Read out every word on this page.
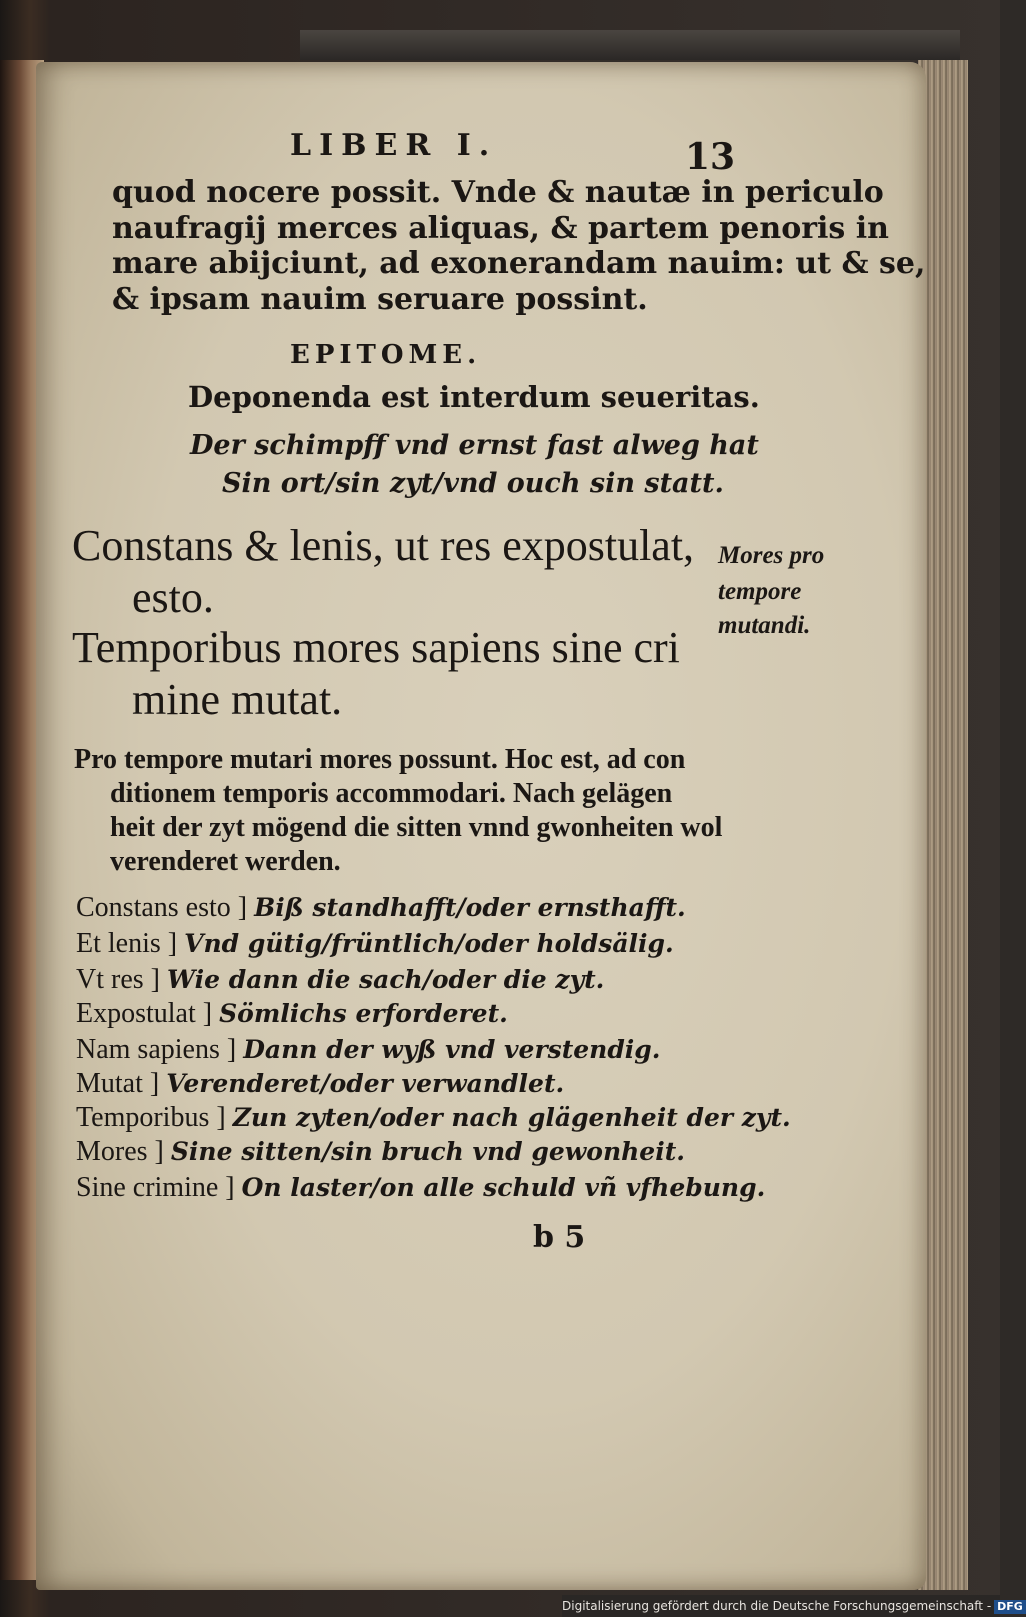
LIBER I.	13
quod nocere possit. Vnde & nautæ in periculo
naufragij merces aliquas, & partem penoris in
mare abijciunt, ad exonerandam nauim: ut & se,
& ipsam nauim seruare possint.
EPITOME.
Deponenda est interdum seueritas.
Der schimpff vnd ernst fast alweg hat
Sin ort/sin zyt/vnd ouch sin statt.
Constans & lenis, ut res expostulat,
esto.
Temporibus mores sapiens sine cri
mine mutat.
Mores pro
tempore
mutandi.
Pro tempore mutari mores possunt. Hoc est, ad con
ditionem temporis accommodari. Nach gelägen
heit der zyt mögend die sitten vnnd gwonheiten wol
verenderet werden.
Constans esto ] Biß standhafft/oder ernsthafft.
Et lenis ] Vnd gütig/früntlich/oder holdsälig.
Vt res ] Wie dann die sach/oder die zyt.
Expostulat ] Sömlichs erforderet.
Nam sapiens ] Dann der wyß vnd verstendig.
Mutat ] Verenderet/oder verwandlet.
Temporibus ] Zun zyten/oder nach glägenheit der zyt.
Mores ] Sine sitten/sin bruch vnd gewonheit.
Sine crimine ] On laster/on alle schuld vñ vfhebung.
b 5
Digitalisierung gefördert durch die Deutsche Forschungsgemeinschaft - DFG
